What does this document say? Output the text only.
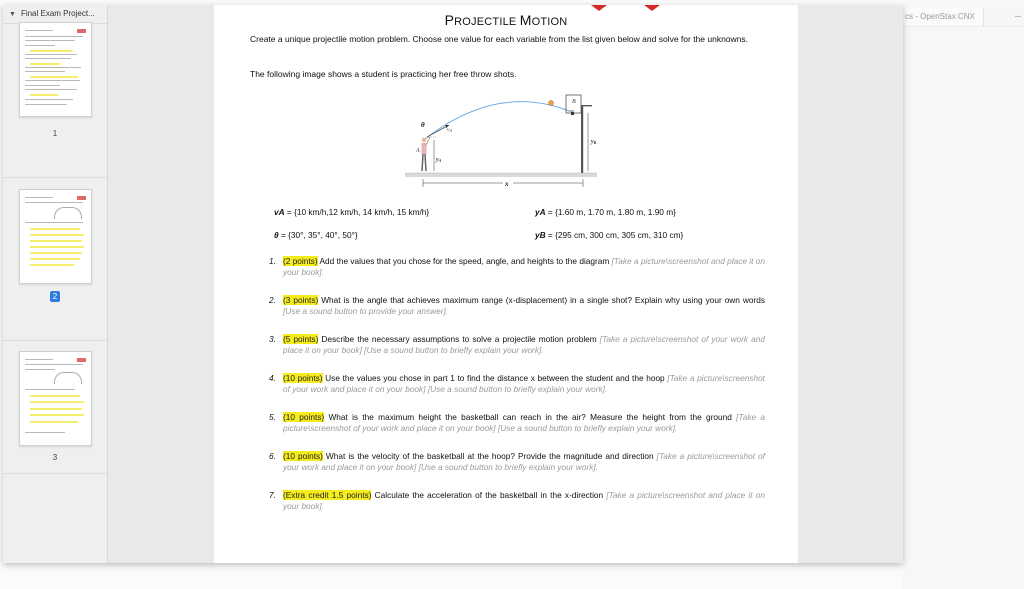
cs - OpenStax CNX
▼ Final Exam Project...
1
2
3
PROJECTILE MOTION
Create a unique projectile motion problem. Choose one value for each variable from the list given below and solve for the unknowns.
The following image shows a student is practicing her free throw shots.
B
yB
θ
vA
A
yA
x
vA = {10 km/h,12 km/h, 14 km/h, 15 km/h}
θ = {30°, 35°, 40°, 50°}
yA = {1.60 m, 1.70 m, 1.80 m, 1.90 m}
yB = {295 cm, 300 cm, 305 cm, 310 cm}
1. (2 points) Add the values that you chose for the speed, angle, and heights to the diagram [Take a picture\screenshot and place it on your book].
2. (3 points) What is the angle that achieves maximum range (x-displacement) in a single shot? Explain why using your own words [Use a sound button to provide your answer].
3. (5 points) Describe the necessary assumptions to solve a projectile motion problem [Take a picture\screenshot of your work and place it on your book] [Use a sound button to briefly explain your work].
4. (10 points) Use the values you chose in part 1 to find the distance x between the student and the hoop [Take a picture\screenshot of your work and place it on your book] [Use a sound button to briefly explain your work].
5. (10 points) What is the maximum height the basketball can reach in the air? Measure the height from the ground [Take a picture\screenshot of your work and place it on your book] [Use a sound button to briefly explain your work].
6. (10 points) What is the velocity of the basketball at the hoop? Provide the magnitude and direction [Take a picture\screenshot of your work and place it on your book] [Use a sound button to briefly explain your work].
7. (Extra credit 1.5 points) Calculate the acceleration of the basketball in the x-direction [Take a picture\screenshot and place it on your book].
